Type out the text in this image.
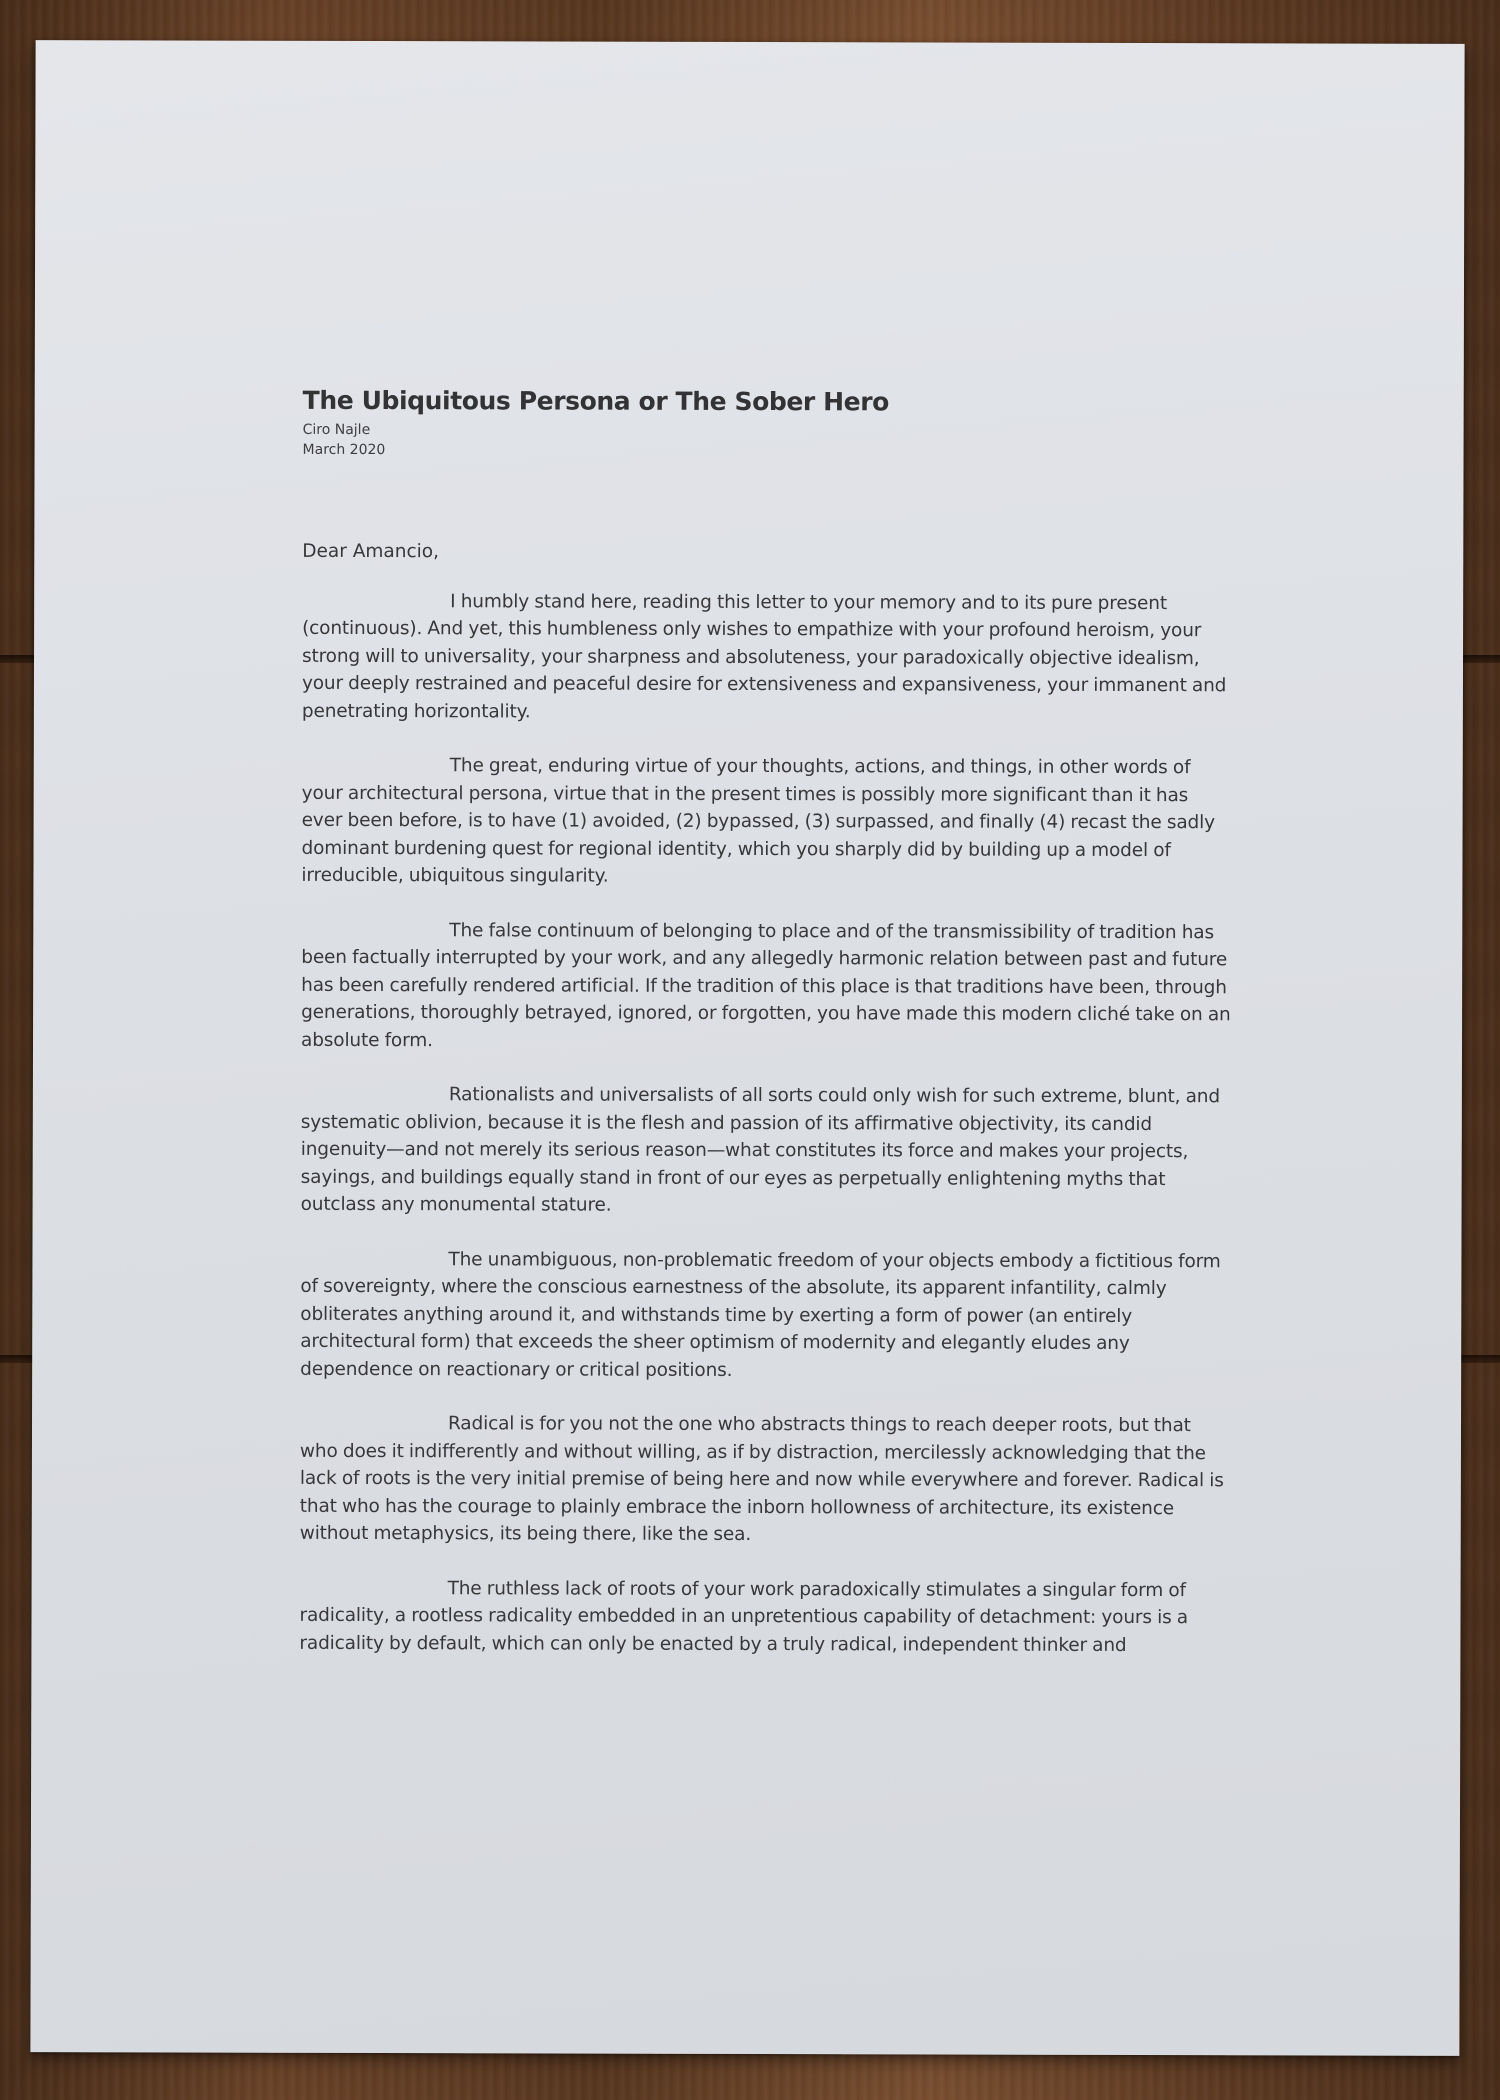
The Ubiquitous Persona or The Sober Hero
Ciro Najle
March 2020
Dear Amancio,

I humbly stand here, reading this letter to your memory and to its pure present (continuous). And yet, this humbleness only wishes to empathize with your profound heroism, your strong will to universality, your sharpness and absoluteness, your paradoxically objective idealism, your deeply restrained and peaceful desire for extensiveness and expansiveness, your immanent and penetrating horizontality.

The great, enduring virtue of your thoughts, actions, and things, in other words of your architectural persona, virtue that in the present times is possibly more significant than it has ever been before, is to have (1) avoided, (2) bypassed, (3) surpassed, and finally (4) recast the sadly dominant burdening quest for regional identity, which you sharply did by building up a model of irreducible, ubiquitous singularity.

The false continuum of belonging to place and of the transmissibility of tradition has been factually interrupted by your work, and any allegedly harmonic relation between past and future has been carefully rendered artificial. If the tradition of this place is that traditions have been, through generations, thoroughly betrayed, ignored, or forgotten, you have made this modern cliché take on an absolute form.

Rationalists and universalists of all sorts could only wish for such extreme, blunt, and systematic oblivion, because it is the flesh and passion of its affirmative objectivity, its candid ingenuity—and not merely its serious reason—what constitutes its force and makes your projects, sayings, and buildings equally stand in front of our eyes as perpetually enlightening myths that outclass any monumental stature.

The unambiguous, non-problematic freedom of your objects embody a fictitious form of sovereignty, where the conscious earnestness of the absolute, its apparent infantility, calmly obliterates anything around it, and withstands time by exerting a form of power (an entirely architectural form) that exceeds the sheer optimism of modernity and elegantly eludes any dependence on reactionary or critical positions.

Radical is for you not the one who abstracts things to reach deeper roots, but that who does it indifferently and without willing, as if by distraction, mercilessly acknowledging that the lack of roots is the very initial premise of being here and now while everywhere and forever. Radical is that who has the courage to plainly embrace the inborn hollowness of architecture, its existence without metaphysics, its being there, like the sea.

The ruthless lack of roots of your work paradoxically stimulates a singular form of radicality, a rootless radicality embedded in an unpretentious capability of detachment: yours is a radicality by default, which can only be enacted by a truly radical, independent thinker and
